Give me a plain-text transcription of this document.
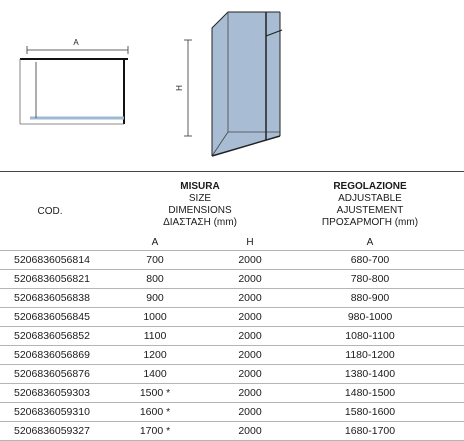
A
H
COD.
MISURA
SIZE
DIMENSIONS
ΔΙΑΣΤΑΣΗ (mm)
REGOLAZIONE
ADJUSTABLE
AJUSTEMENT
ΠΡΟΣΑΡΜΟΓΗ (mm)
A	H	A
5206836056814	700	2000	680-700
5206836056821	800	2000	780-800
5206836056838	900	2000	880-900
5206836056845	1000	2000	980-1000
5206836056852	1100	2000	1080-1100
5206836056869	1200	2000	1180-1200
5206836056876	1400	2000	1380-1400
5206836059303	1500 *	2000	1480-1500
5206836059310	1600 *	2000	1580-1600
5206836059327	1700 *	2000	1680-1700
